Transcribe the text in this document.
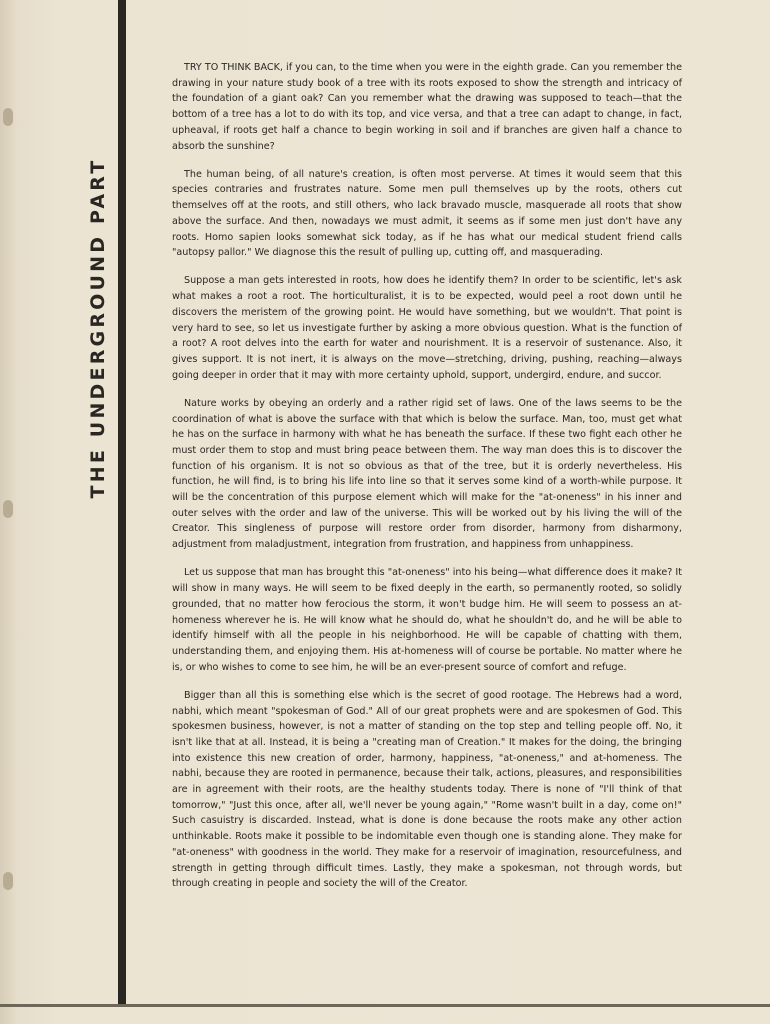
THE UNDERGROUND PART

TRY TO THINK BACK, if you can, to the time when you were in the eighth grade. Can you remember the drawing in your nature study book of a tree with its roots exposed to show the strength and intricacy of the foundation of a giant oak? Can you remember what the drawing was supposed to teach—that the bottom of a tree has a lot to do with its top, and vice versa, and that a tree can adapt to change, in fact, upheaval, if roots get half a chance to begin working in soil and if branches are given half a chance to absorb the sunshine?

The human being, of all nature's creation, is often most perverse. At times it would seem that this species contraries and frustrates nature. Some men pull themselves up by the roots, others cut themselves off at the roots, and still others, who lack bravado muscle, masquerade all roots that show above the surface. And then, nowadays we must admit, it seems as if some men just don't have any roots. Homo sapien looks somewhat sick today, as if he has what our medical student friend calls "autopsy pallor." We diagnose this the result of pulling up, cutting off, and masquerading.

Suppose a man gets interested in roots, how does he identify them? In order to be scientific, let's ask what makes a root a root. The horticulturalist, it is to be expected, would peel a root down until he discovers the meristem of the growing point. He would have something, but we wouldn't. That point is very hard to see, so let us investigate further by asking a more obvious question. What is the function of a root? A root delves into the earth for water and nourishment. It is a reservoir of sustenance. Also, it gives support. It is not inert, it is always on the move—stretching, driving, pushing, reaching—always going deeper in order that it may with more certainty uphold, support, undergird, endure, and succor.

Nature works by obeying an orderly and a rather rigid set of laws. One of the laws seems to be the coordination of what is above the surface with that which is below the surface. Man, too, must get what he has on the surface in harmony with what he has beneath the surface. If these two fight each other he must order them to stop and must bring peace between them. The way man does this is to discover the function of his organism. It is not so obvious as that of the tree, but it is orderly nevertheless. His function, he will find, is to bring his life into line so that it serves some kind of a worth-while purpose. It will be the concentration of this purpose element which will make for the "at-oneness" in his inner and outer selves with the order and law of the universe. This will be worked out by his living the will of the Creator. This singleness of purpose will restore order from disorder, harmony from disharmony, adjustment from maladjustment, integration from frustration, and happiness from unhappiness.

Let us suppose that man has brought this "at-oneness" into his being—what difference does it make? It will show in many ways. He will seem to be fixed deeply in the earth, so permanently rooted, so solidly grounded, that no matter how ferocious the storm, it won't budge him. He will seem to possess an at-homeness wherever he is. He will know what he should do, what he shouldn't do, and he will be able to identify himself with all the people in his neighborhood. He will be capable of chatting with them, understanding them, and enjoying them. His at-homeness will of course be portable. No matter where he is, or who wishes to come to see him, he will be an ever-present source of comfort and refuge.

Bigger than all this is something else which is the secret of good rootage. The Hebrews had a word, nabhi, which meant "spokesman of God." All of our great prophets were and are spokesmen of God. This spokesmen business, however, is not a matter of standing on the top step and telling people off. No, it isn't like that at all. Instead, it is being a "creating man of Creation." It makes for the doing, the bringing into existence this new creation of order, harmony, happiness, "at-oneness," and at-homeness. The nabhi, because they are rooted in permanence, because their talk, actions, pleasures, and responsibilities are in agreement with their roots, are the healthy students today. There is none of "I'll think of that tomorrow," "Just this once, after all, we'll never be young again," "Rome wasn't built in a day, come on!" Such casuistry is discarded. Instead, what is done is done because the roots make any other action unthinkable. Roots make it possible to be indomitable even though one is standing alone. They make for "at-oneness" with goodness in the world. They make for a reservoir of imagination, resourcefulness, and strength in getting through difficult times. Lastly, they make a spokesman, not through words, but through creating in people and society the will of the Creator.
